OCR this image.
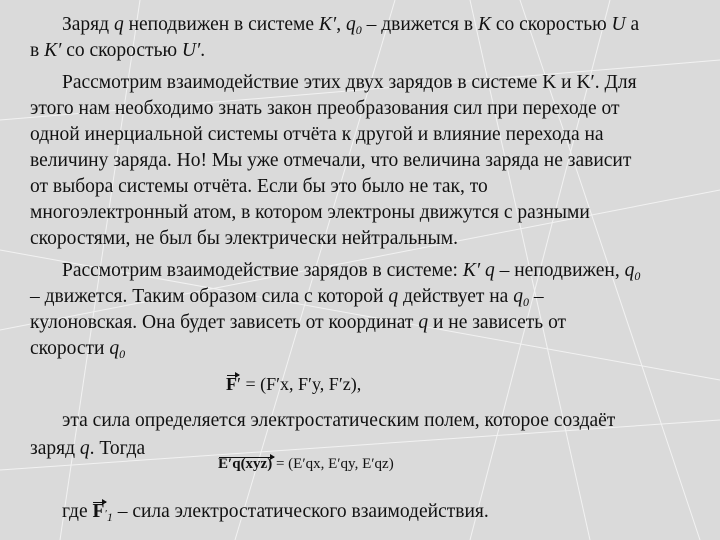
Заряд q неподвижен в системе K′, $q_0$ – движется в K со скоростью U а
в K′ со скоростью U′.
Рассмотрим взаимодействие этих двух зарядов в системе K и K′. Для
этого нам необходимо знать закон преобразования сил при переходе от
одной инерциальной системы отчёта к другой и влияние перехода на
величину заряда. Но! Мы уже отмечали, что величина заряда не зависит
от выбора системы отчёта. Если бы это было не так, то
многоэлектронный атом, в котором электроны движутся с разными
скоростями, не был бы электрически нейтральным.
Рассмотрим взаимодействие зарядов в системе: K′ q – неподвижен, $q_0$
– движется. Таким образом сила с которой q действует на $q_0$ –
кулоновская. Она будет зависеть от координат q и не зависеть от
скорости $q_0$
F′ = (F′x, F′y, F′z),
эта сила определяется электростатическим полем, которое создаёт
заряд q. Тогда
E′q(xyz) = (E′qx, E′qy, E′qz)
где $F'_1$ – сила электростатического взаимодействия.
